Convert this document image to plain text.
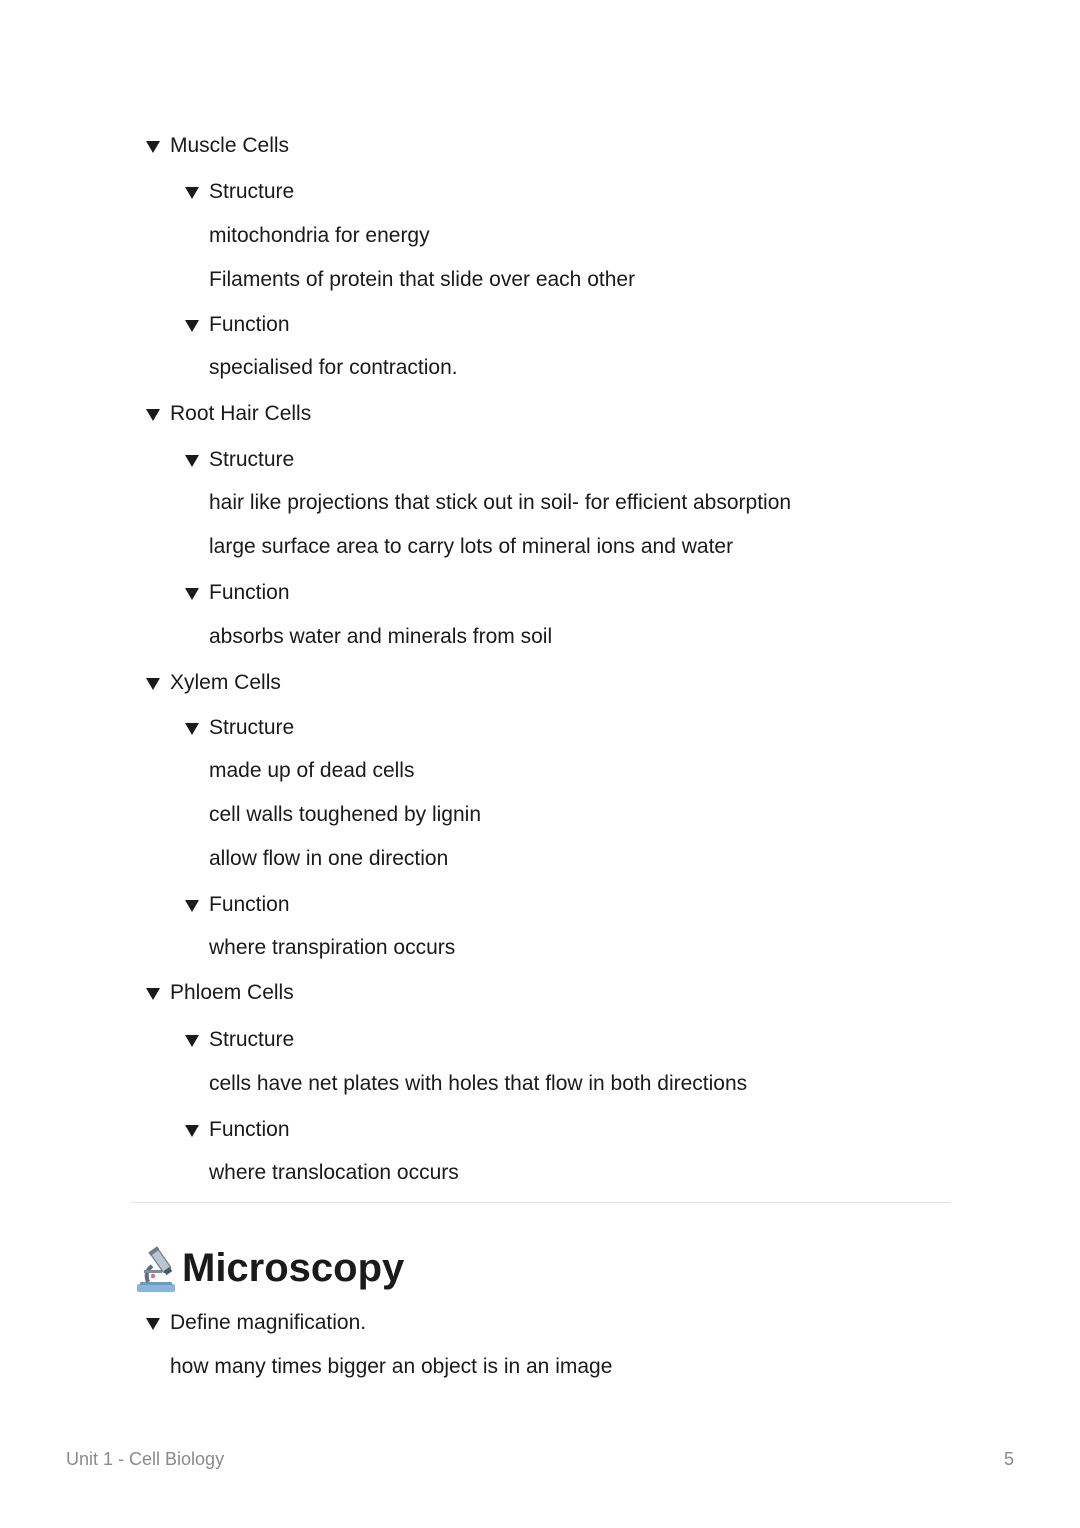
Muscle Cells
Structure
mitochondria for energy
Filaments of protein that slide over each other
Function
specialised for contraction.
Root Hair Cells
Structure
hair like projections that stick out in soil- for efficient absorption
large surface area to carry lots of mineral ions and water
Function
absorbs water and minerals from soil
Xylem Cells
Structure
made up of dead cells
cell walls toughened by lignin
allow flow in one direction
Function
where transpiration occurs
Phloem Cells
Structure
cells have net plates with holes that flow in both directions
Function
where translocation occurs
Microscopy
Define magnification.
how many times bigger an object is in an image
Unit 1 - Cell Biology	5
